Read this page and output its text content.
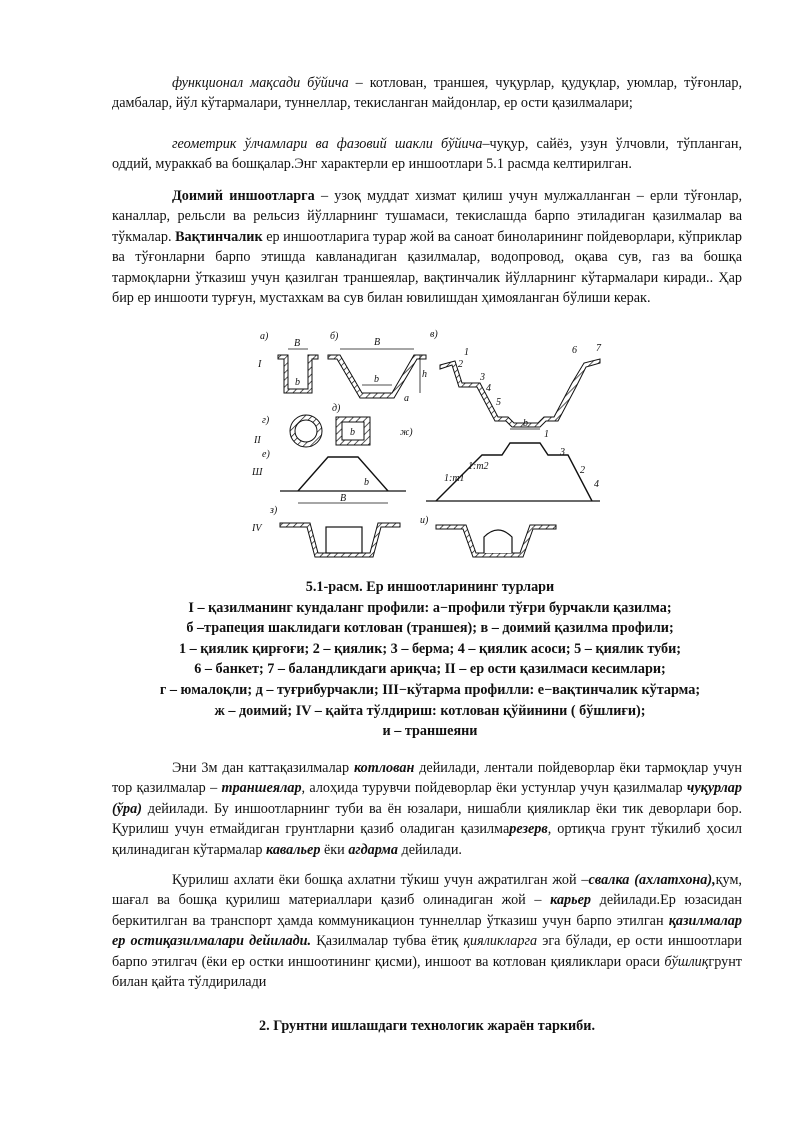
функционал мақсади бўйича – котлован, траншея, чуқурлар, қудуқлар, уюмлар, тўғонлар, дамбалар, йўл кўтармалари, туннеллар, текисланган майдонлар, ер ости қазилмалари;

геометрик ўлчамлари ва фазовий шакли бўйича–чуқур, сайёз, узун ўлчовли, тўпланган, оддий, мураккаб ва бошқалар.Энг характерли ер иншоотлари 5.1 расмда келтирилган.

Доимий иншоотларга – узоқ муддат хизмат қилиш учун мулжалланган – ерли тўғонлар, каналлар, рельсли ва рельсиз йўлларнинг тушамаси, текислашда барпо этиладиган қазилмалар ва тўкмалар. Вақтинчалик ер иншоотларига турар жой ва саноат биноларининг пойдеворлари, кўприклар ва тўғонларни барпо этишда кавланадиган қазилмалар, водопровод, оқава сув, газ ва бошқа тармоқларни ўтказиш учун қазилган траншеялар, вақтинчалик йўлларнинг кўтармалари киради.. Ҳар бир ер иншооти турғун, мустахкам ва сув билан ювилишдан ҳимояланган бўлиши керак.

а)	б)	в)
I
B
b
B
b	h
a
1
2
3
4
5
6 7
г)
д)
ж)
II
b
b
1:m1
1:m2
1
3
2
4
е)
Ш
B
b
з)
и)
IV
5.1-расм. Ер иншоотларининг турлари
I – қазилманинг кундаланг профили: а−профили тўғри бурчакли қазилма;
б –трапеция шаклидаги котлован (траншея); в – доимий қазилма профили;
1 – қиялик қирғоғи; 2 – қиялик; 3 – берма; 4 – қиялик асоси; 5 – қиялик туби;
6 – банкет; 7 – баландликдаги ариқча; II – ер ости қазилмаси кесимлари;
г – юмалоқли; д – туғрибурчакли; III−кўтарма профилли: е−вақтинчалик кўтарма;
ж – доимий; IV – қайта тўлдириш: котлован қўйинини ( бўшлиғи);
и – траншеяни

Эни 3м дан каттақазилмалар котлован дейилади, лентали пойдеворлар ёки тармоқлар учун тор қазилмалар – траншеялар, алоҳида турувчи пойдеворлар ёки устунлар учун қазилмалар чуқурлар (ўра) дейилади. Бу иншоотларнинг туби ва ён юзалари, нишабли қияликлар ёки тик деворлари бор. Қурилиш учун етмайдиган грунтларни қазиб оладиган қазилмарезерв, ортиқча грунт тўкилиб ҳосил қилинадиган кўтармалар кавальер ёки агдарма дейилади.

Қурилиш ахлати ёки бошқа ахлатни тўкиш учун ажратилган жой –свалка (ахлатхона),қум, шағал ва бошқа қурилиш материаллари қазиб олинадиган жой – карьер дейилади.Ер юзасидан беркитилган ва транспорт ҳамда коммуникацион туннеллар ўтказиш учун барпо этилган қазилмалар ер остиқазилмалари дейилади. Қазилмалар тубва ётиқ қияликларга эга бўлади, ер ости иншоотлари барпо этилгач (ёки ер остки иншоотининг қисми), иншоот ва котлован қияликлари ораси бўшлиқгрунт билан қайта тўлдирилади

2. Грунтни ишлашдаги технологик жараён таркиби.
